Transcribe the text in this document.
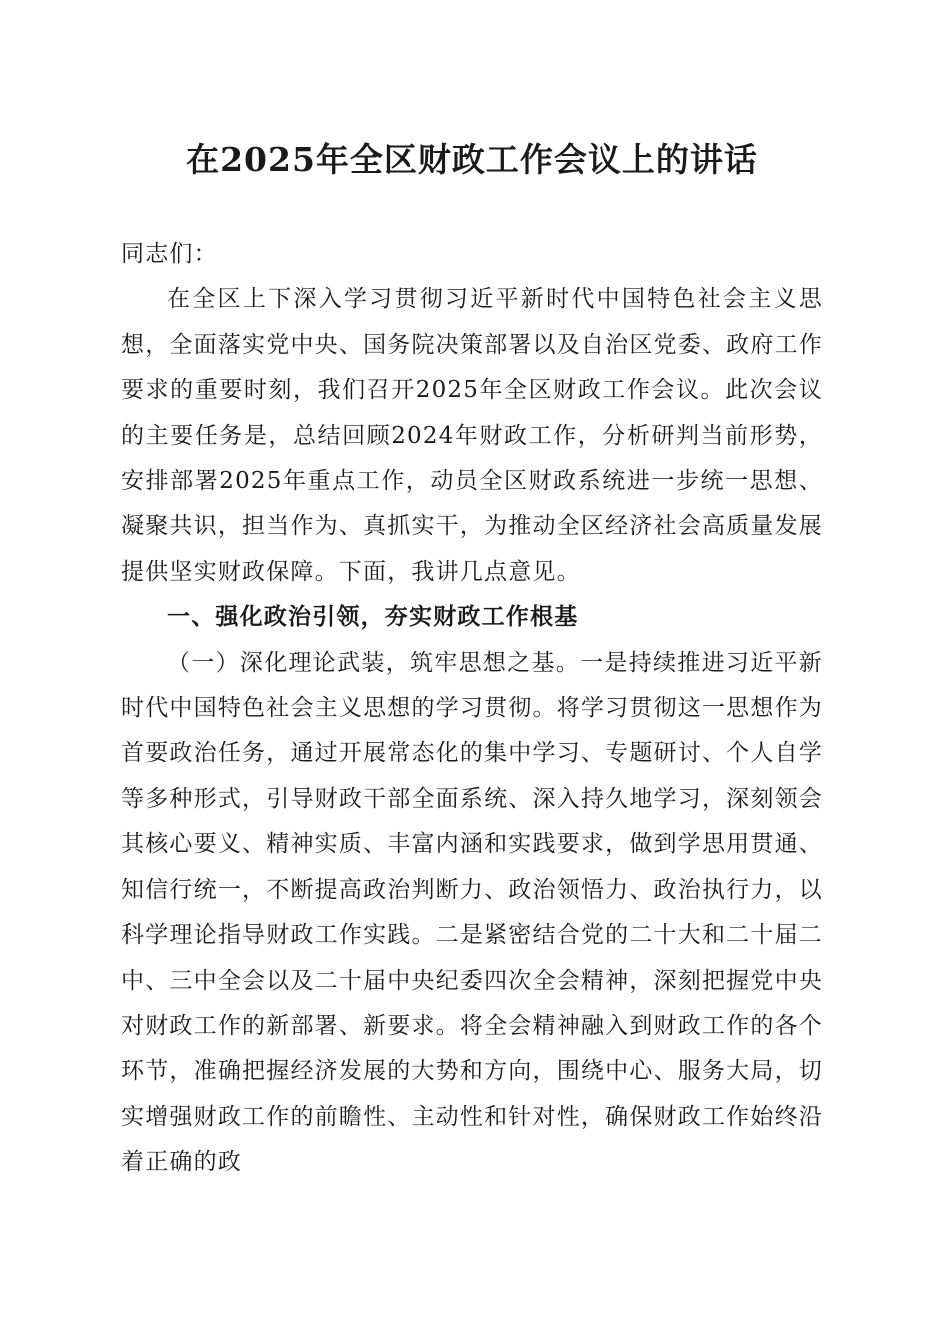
在2025年全区财政工作会议上的讲话

同志们：

在全区上下深入学习贯彻习近平新时代中国特色社会主义思想，全面落实党中央、国务院决策部署以及自治区党委、政府工作要求的重要时刻，我们召开2025年全区财政工作会议。此次会议的主要任务是，总结回顾2024年财政工作，分析研判当前形势，安排部署2025年重点工作，动员全区财政系统进一步统一思想、凝聚共识，担当作为、真抓实干，为推动全区经济社会高质量发展提供坚实财政保障。下面，我讲几点意见。

一、强化政治引领，夯实财政工作根基

（一）深化理论武装，筑牢思想之基。一是持续推进习近平新时代中国特色社会主义思想的学习贯彻。将学习贯彻这一思想作为首要政治任务，通过开展常态化的集中学习、专题研讨、个人自学等多种形式，引导财政干部全面系统、深入持久地学习，深刻领会其核心要义、精神实质、丰富内涵和实践要求，做到学思用贯通、知信行统一，不断提高政治判断力、政治领悟力、政治执行力，以科学理论指导财政工作实践。二是紧密结合党的二十大和二十届二中、三中全会以及二十届中央纪委四次全会精神，深刻把握党中央对财政工作的新部署、新要求。将全会精神融入到财政工作的各个环节，准确把握经济发展的大势和方向，围绕中心、服务大局，切实增强财政工作的前瞻性、主动性和针对性，确保财政工作始终沿着正确的政
